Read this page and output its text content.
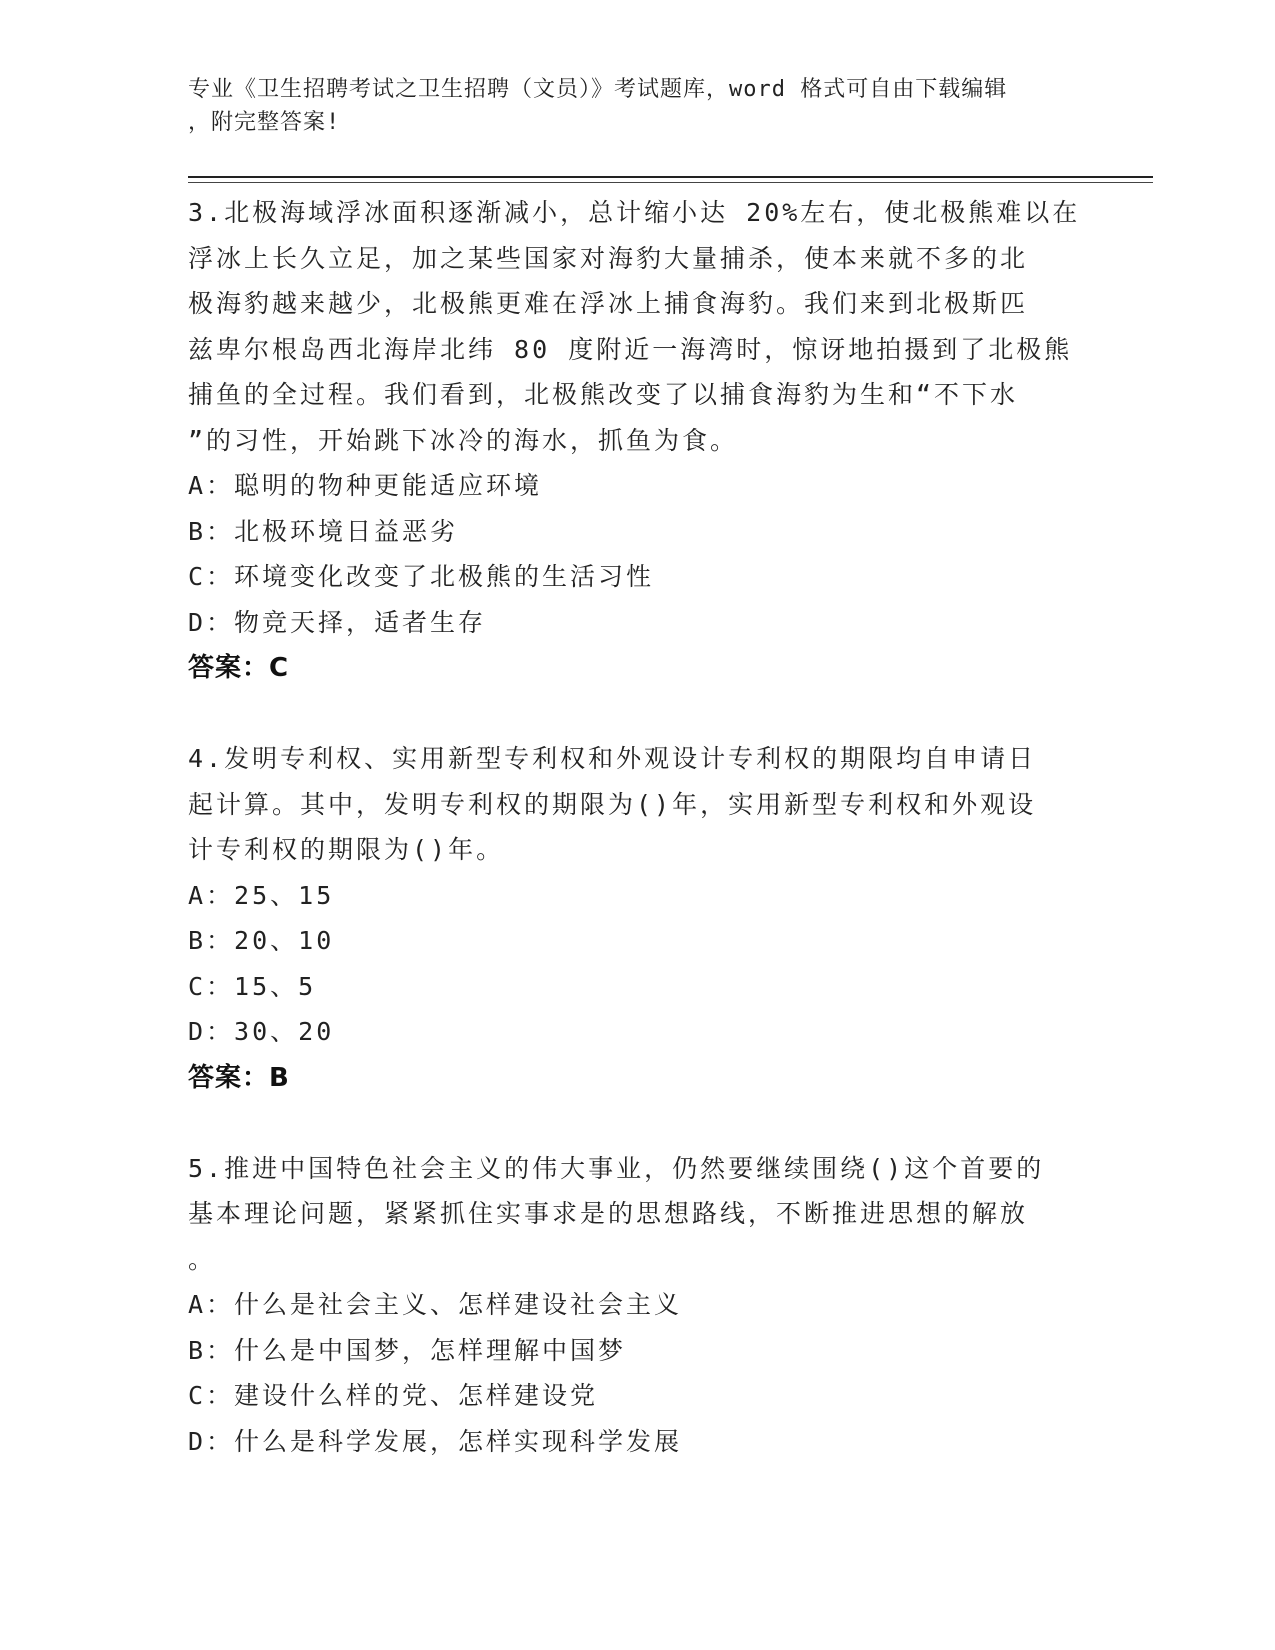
专业《卫生招聘考试之卫生招聘（文员）》考试题库，word 格式可自由下载编辑
，附完整答案!
3.北极海域浮冰面积逐渐减小，总计缩小达 20%左右，使北极熊难以在
浮冰上长久立足，加之某些国家对海豹大量捕杀，使本来就不多的北
极海豹越来越少，北极熊更难在浮冰上捕食海豹。我们来到北极斯匹
兹卑尔根岛西北海岸北纬 80 度附近一海湾时，惊讶地拍摄到了北极熊
捕鱼的全过程。我们看到，北极熊改变了以捕食海豹为生和“不下水
”的习性，开始跳下冰冷的海水，抓鱼为食。
A：聪明的物种更能适应环境
B：北极环境日益恶劣
C：环境变化改变了北极熊的生活习性
D：物竞天择，适者生存
答案：C
4.发明专利权、实用新型专利权和外观设计专利权的期限均自申请日
起计算。其中，发明专利权的期限为()年，实用新型专利权和外观设
计专利权的期限为()年。
A：25、15
B：20、10
C：15、5
D：30、20
答案：B
5.推进中国特色社会主义的伟大事业，仍然要继续围绕()这个首要的
基本理论问题，紧紧抓住实事求是的思想路线，不断推进思想的解放
。
A：什么是社会主义、怎样建设社会主义
B：什么是中国梦，怎样理解中国梦
C：建设什么样的党、怎样建设党
D：什么是科学发展，怎样实现科学发展
